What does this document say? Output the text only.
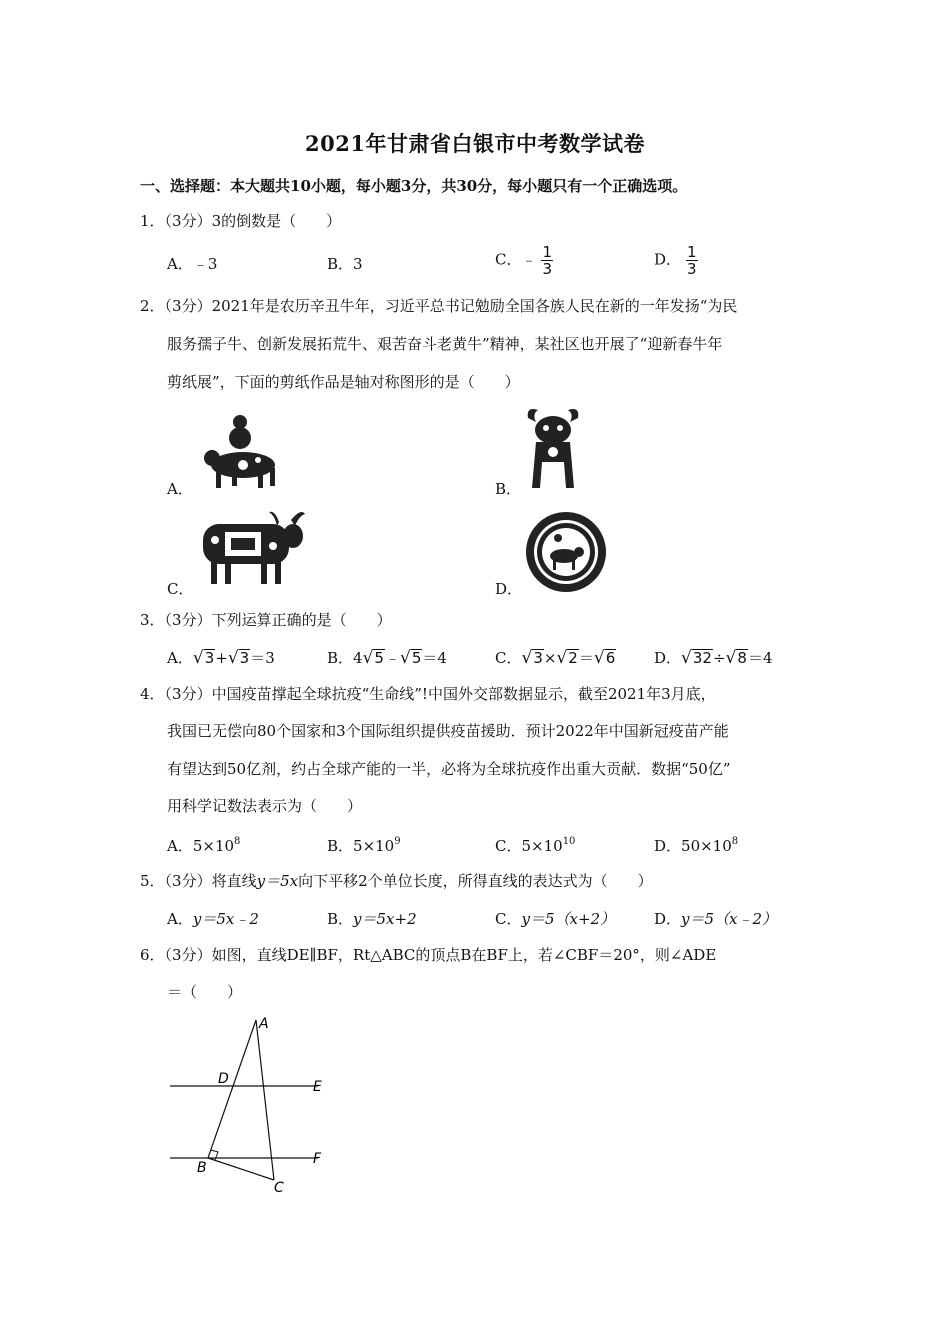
2021年甘肃省白银市中考数学试卷
一、选择题：本大题共10小题，每小题3分，共30分，每小题只有一个正确选项。
1．（3分）3的倒数是（　　）
A．﹣3	B．3	C．﹣ $\frac{1}{3}$	D． $\frac{1}{3}$
2．（3分）2021年是农历辛丑牛年，习近平总书记勉励全国各族人民在新的一年发扬“为民
服务孺子牛、创新发展拓荒牛、艰苦奋斗老黄牛”精神，某社区也开展了“迎新春牛年
剪纸展”，下面的剪纸作品是轴对称图形的是（　　）
A．	B．
C．	D．
3．（3分）下列运算正确的是（　　）
A． √ 3 + √ 3 ＝3	B．4 √ 5 ﹣ √ 5 ＝4	C． √ 3 × √ 2 ＝ √ 6	D． √ 32 ÷ √ 8 ＝4
4．（3分）中国疫苗撑起全球抗疫“生命线”!中国外交部数据显示，截至2021年3月底，
我国已无偿向80个国家和3个国际组织提供疫苗援助．预计2022年中国新冠疫苗产能
有望达到50亿剂，约占全球产能的一半，必将为全球抗疫作出重大贡献．数据“50亿”
用科学记数法表示为（　　）
A．$5\times 10^8$	B．$5\times 10^9$	C．$5\times 10^{10}$	D．$50\times 10^8$
5．（3分）将直线y＝5x向下平移2个单位长度，所得直线的表达式为（　　）
A．y＝5x﹣2	B．y＝5x+2	C．y＝5（x+2）	D．y＝5（x﹣2）
6．（3分）如图，直线DE∥BF，Rt△ABC的顶点B在BF上，若∠CBF＝20°，则∠ADE
＝（　　）
A
D	E
F
B
C
